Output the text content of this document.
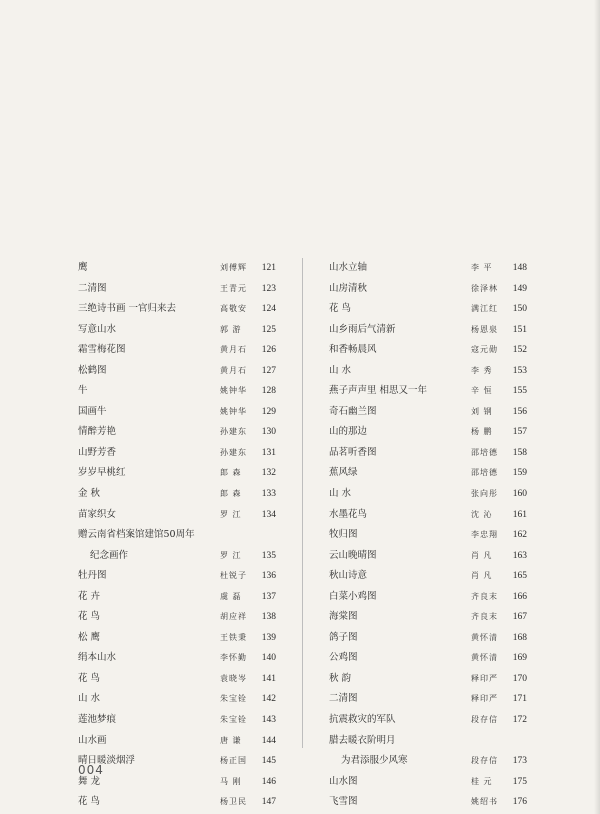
鹰	刘傅辉	121
二清图	王青元	123
三绝诗书画 一官归来去	高敬安	124
写意山水	郭 游	125
霜雪梅花图	黄月石	126
松鹤图	黄月石	127
牛	姚钟华	128
国画牛	姚钟华	129
情醉芳艳	孙建东	130
山野芳香	孙建东	131
岁岁早桃红	郎 森	132
金 秋	郎 森	133
苗家织女	罗 江	134
赠云南省档案馆建馆50周年
纪念画作	罗 江	135
牡丹图	杜锐子	136
花 卉	虞 磊	137
花 鸟	胡应祥	138
松 鹰	王铁秉	139
绢本山水	李怀勤	140
花 鸟	袁晓岑	141
山 水	朱宝铨	142
莲池梦痕	朱宝铨	143
山水画	唐 谦	144
晴日暖淡烟浮	杨正国	145
舞 龙	马 刚	146
花 鸟	杨卫民	147
山水立轴	李 平	148
山房清秋	徐泽林	149
花 鸟	满江红	150
山乡雨后气清新	杨恩泉	151
和香畅晨风	寇元勋	152
山 水	李 秀	153
燕子声声里 相思又一年	辛 恒	155
奇石幽兰图	刘 钢	156
山的那边	杨 鹏	157
品茗听香图	邵培德	158
蕉风绿	邵培德	159
山 水	张向彤	160
水墨花鸟	沈 沁	161
牧归图	李忠翔	162
云山晚晴图	肖 凡	163
秋山诗意	肖 凡	165
白菜小鸡图	齐良末	166
海棠图	齐良末	167
鸽子图	黄怀清	168
公鸡图	黄怀清	169
秋 韵	释印严	170
二清图	释印严	171
抗震救灾的军队	段存信	172
腊去暖衣阶明月
为君添服少风寒	段存信	173
山水图	桂 元	175
飞雪图	姚绍书	176
004
